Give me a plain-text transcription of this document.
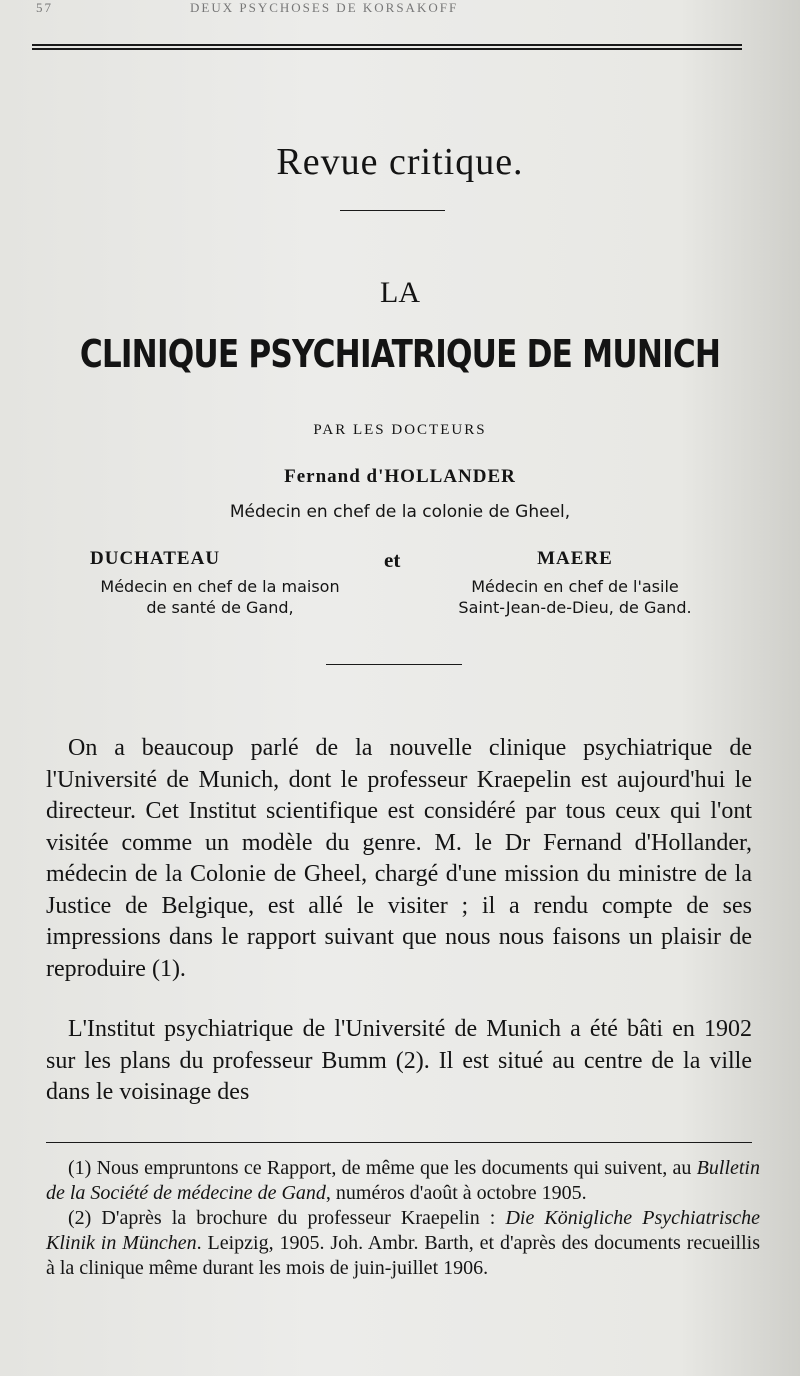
57	DEUX PSYCHOSES DE KORSAKOFF
Revue critique.
LA
CLINIQUE PSYCHIATRIQUE DE MUNICH
PAR LES DOCTEURS
Fernand d'HOLLANDER
Médecin en chef de la colonie de Gheel,
DUCHATEAU
Médecin en chef de la maison
de santé de Gand,
et	MAERE
Médecin en chef de l'asile
Saint-Jean-de-Dieu, de Gand.

On a beaucoup parlé de la nouvelle clinique psychiatrique de l'Université de Munich, dont le professeur Kraepelin est aujourd'hui le directeur. Cet Institut scientifique est considéré par tous ceux qui l'ont visitée comme un modèle du genre. M. le Dr Fernand d'Hollander, médecin de la Colonie de Gheel, chargé d'une mission du ministre de la Justice de Belgique, est allé le visiter ; il a rendu compte de ses impressions dans le rapport suivant que nous nous faisons un plaisir de reproduire (1).

L'Institut psychiatrique de l'Université de Munich a été bâti en 1902 sur les plans du professeur Bumm (2). Il est situé au centre de la ville dans le voisinage des

(1) Nous empruntons ce Rapport, de même que les documents qui suivent, au Bulletin de la Société de médecine de Gand, numéros d'août à octobre 1905.

(2) D'après la brochure du professeur Kraepelin : Die Königliche Psychiatrische Klinik in München. Leipzig, 1905. Joh. Ambr. Barth, et d'après des documents recueillis à la clinique même durant les mois de juin-juillet 1906.
